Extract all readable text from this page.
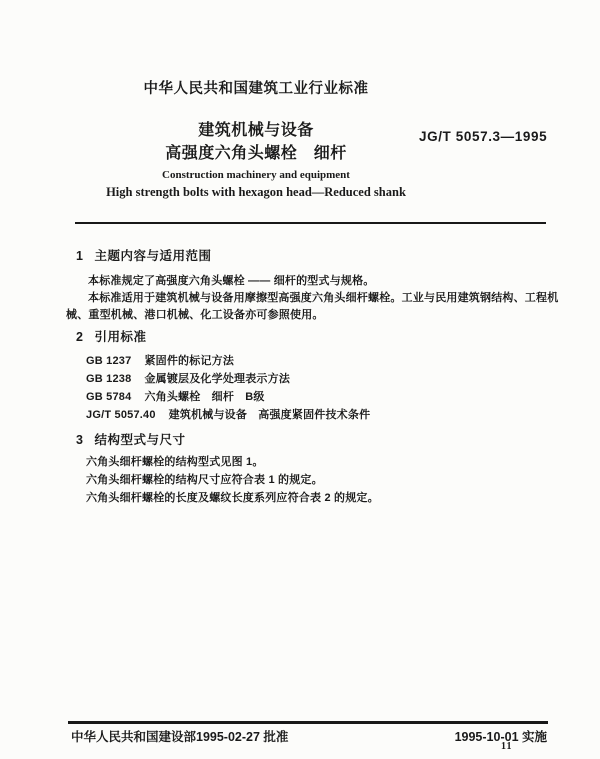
中华人民共和国建筑工业行业标准
建筑机械与设备
高强度六角头螺栓　细杆
JG/T 5057.3—1995
Construction machinery and equipment
High strength bolts with hexagon head—Reduced shank
1 主题内容与适用范围
本标准规定了高强度六角头螺栓 —— 细杆的型式与规格。
本标准适用于建筑机械与设备用摩擦型高强度六角头细杆螺栓。工业与民用建筑钢结构、工程机
械、重型机械、港口机械、化工设备亦可参照使用。
2 引用标准
GB 1237 紧固件的标记方法
GB 1238 金属镀层及化学处理表示方法
GB 5784 六角头螺栓　细杆　B级
JG/T 5057.40 建筑机械与设备　高强度紧固件技术条件
3 结构型式与尺寸
六角头细杆螺栓的结构型式见图 1。
六角头细杆螺栓的结构尺寸应符合表 1 的规定。
六角头细杆螺栓的长度及螺纹长度系列应符合表 2 的规定。
中华人民共和国建设部1995-02-27 批准	1995-10-01 实施
11
